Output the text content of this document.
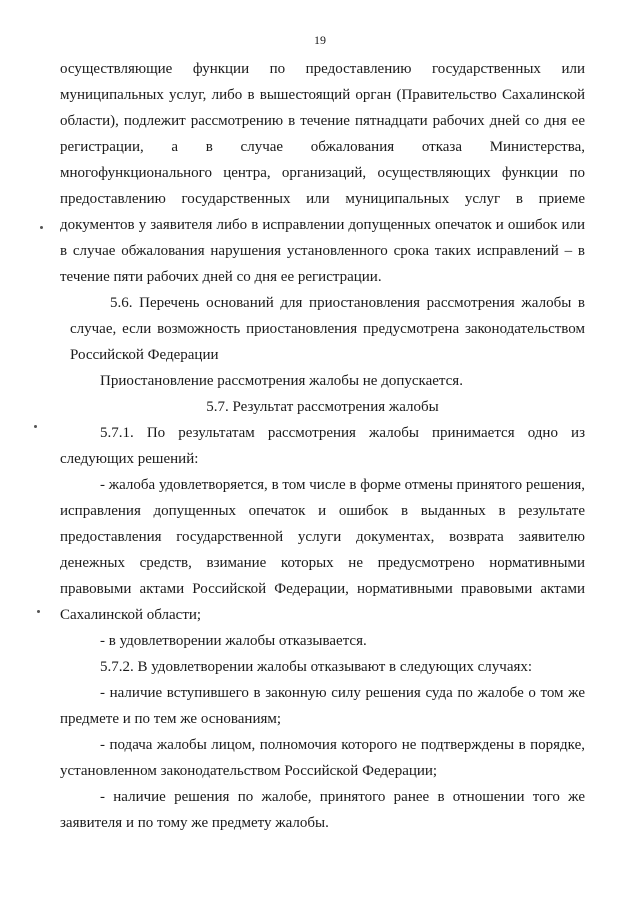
19

осуществляющие функции по предоставлению государственных или муниципальных услуг, либо в вышестоящий орган (Правительство Сахалинской области), подлежит рассмотрению в течение пятнадцати рабочих дней со дня ее регистрации, а в случае обжалования отказа Министерства, многофункционального центра, организаций, осуществляющих функции по предоставлению государственных или муниципальных услуг в приеме документов у заявителя либо в исправлении допущенных опечаток и ошибок или в случае обжалования нарушения установленного срока таких исправлений – в течение пяти рабочих дней со дня ее регистрации.

5.6. Перечень оснований для приостановления рассмотрения жалобы в случае, если возможность приостановления предусмотрена законодательством Российской Федерации

Приостановление рассмотрения жалобы не допускается.

5.7. Результат рассмотрения жалобы

5.7.1. По результатам рассмотрения жалобы принимается одно из следующих решений:

- жалоба удовлетворяется, в том числе в форме отмены принятого решения, исправления допущенных опечаток и ошибок в выданных в результате предоставления государственной услуги документах, возврата заявителю денежных средств, взимание которых не предусмотрено нормативными правовыми актами Российской Федерации, нормативными правовыми актами Сахалинской области;

- в удовлетворении жалобы отказывается.

5.7.2. В удовлетворении жалобы отказывают в следующих случаях:

- наличие вступившего в законную силу решения суда по жалобе о том же предмете и по тем же основаниям;

- подача жалобы лицом, полномочия которого не подтверждены в порядке, установленном законодательством Российской Федерации;

- наличие решения по жалобе, принятого ранее в отношении того же заявителя и по тому же предмету жалобы.
